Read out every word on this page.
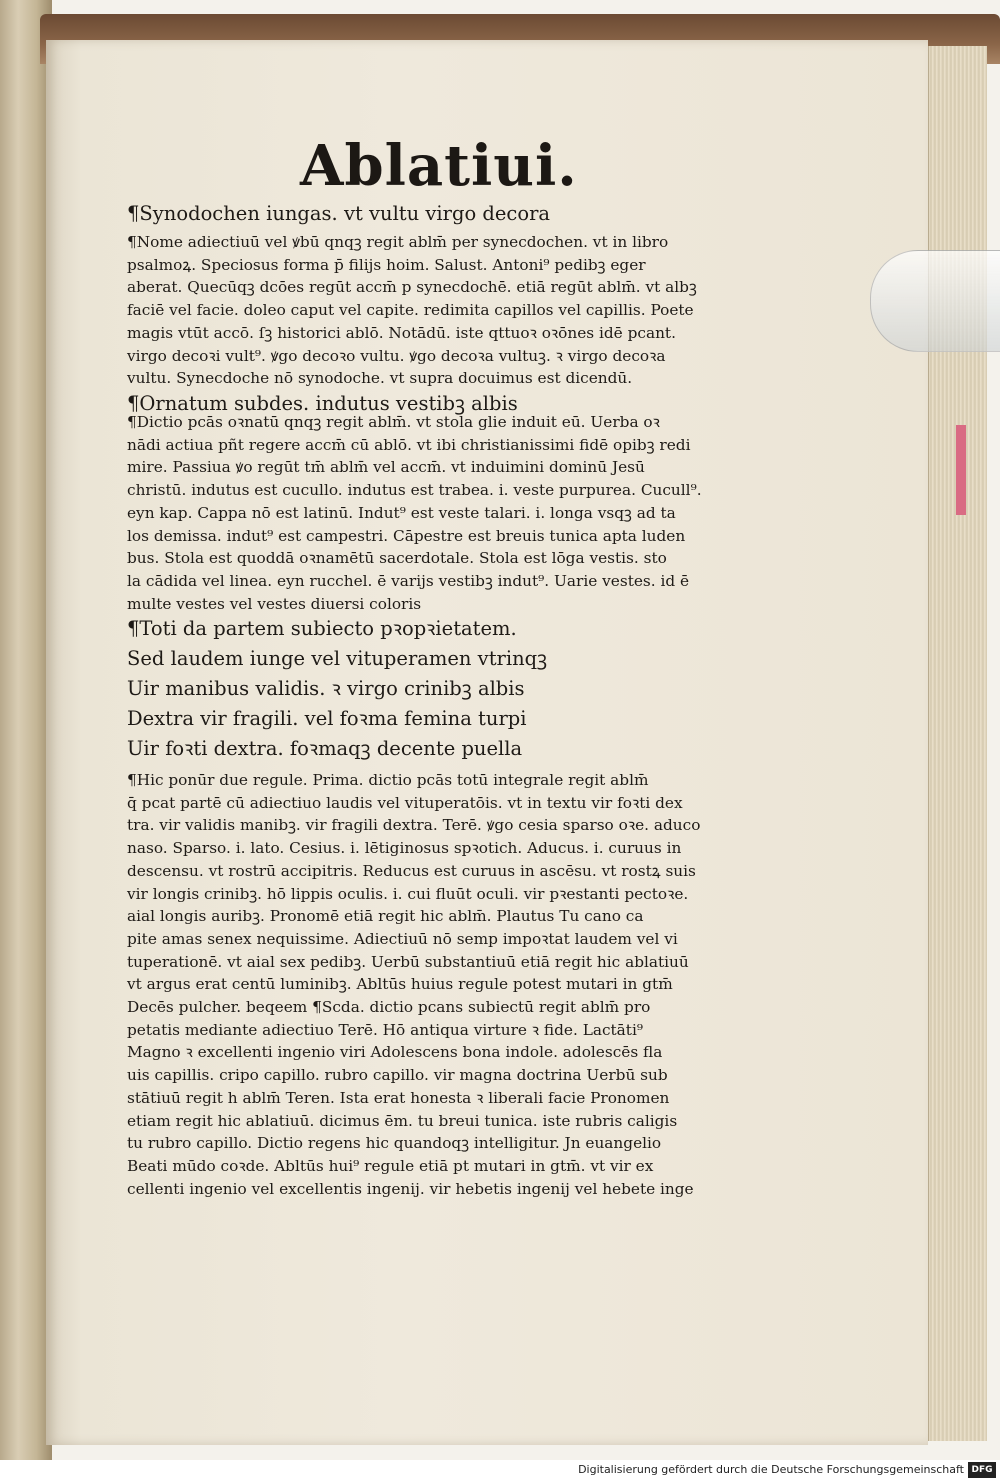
Ablatiui.
¶Synodochen iungas. vt vultu virgo decora
¶Nome adiectiuū vel ꝟbū qnqꝫ regit ablm̄ per synecdochen. vt in libro
psalmoꝝ. Speciosus forma p̄ filijs hoim. Salust. Antoni⁹ pedibꝫ eger
aberat. Quecūqꝫ dcōes regūt accm̄ p synecdochē. etiā regūt ablm̄. vt albꝫ
faciē vel facie. doleo caput vel capite. redimita capillos vel capillis. Poete
magis vtūt accō. ſꝫ historici ablō. Notādū. iste qttuoꝛ oꝛōnes idē pcant.
virgo decoꝛi vult⁹. ꝟgo decoꝛo vultu. ꝟgo decoꝛa vultuꝫ. ꝛ virgo decoꝛa
vultu. Synecdoche nō synodoche. vt supra docuimus est dicendū.
¶Ornatum subdes. indutus vestibꝫ albis
¶Dictio pcās oꝛnatū qnqꝫ regit ablm̄. vt stola glie induit eū. Uerba oꝛ
nādi actiua pñt regere accm̄ cū ablō. vt ibi christianissimi fidē opibꝫ redi
mire. Passiua ꝟo regūt tm̄ ablm̄ vel accm̄. vt induimini dominū Jesū
christū. indutus est cucullo. indutus est trabea. i. veste purpurea. Cucull⁹.
eyn kap. Cappa nō est latinū. Indut⁹ est veste talari. i. longa vsqꝫ ad ta
los demissa. indut⁹ est campestri. Cāpestre est breuis tunica apta luden
bus. Stola est quoddā oꝛnamētū sacerdotale. Stola est lōga vestis. sto
la cādida vel linea. eyn rucchel. ē varijs vestibꝫ indut⁹. Uarie vestes. id ē
multe vestes vel vestes diuersi coloris
¶Toti da partem subiecto pꝛopꝛietatem.
Sed laudem iunge vel vituperamen vtrinqꝫ
Uir manibus validis. ꝛ virgo crinibꝫ albis
Dextra vir fragili. vel foꝛma femina turpi
Uir foꝛti dextra. foꝛmaqꝫ decente puella
¶Hic ponūr due regule. Prima. dictio pcās totū integrale regit ablm̄
q̄ pcat partē cū adiectiuo laudis vel vituperatōis. vt in textu vir foꝛti dex
tra. vir validis manibꝫ. vir fragili dextra. Terē. ꝟgo cesia sparso oꝛe. aduco
naso. Sparso. i. lato. Cesius. i. lētiginosus spꝛotich. Aducus. i. curuus in
descensu. vt rostrū accipitris. Reducus est curuus in ascēsu. vt rostꝝ suis
vir longis crinibꝫ. hō lippis oculis. i. cui fluūt oculi. vir pꝛestanti pectoꝛe.
aial longis auribꝫ. Pronomē etiā regit hic ablm̄. Plautus Tu cano ca
pite amas senex nequissime. Adiectiuū nō semp impoꝛtat laudem vel vi
tuperationē. vt aial sex pedibꝫ. Uerbū substantiuū etiā regit hic ablatiuū
vt argus erat centū luminibꝫ. Abltūs huius regule potest mutari in gtm̄
Decēs pulcher. beqeem ¶Scda. dictio pcans subiectū regit ablm̄ pro
petatis mediante adiectiuo Terē. Hō antiqua virture ꝛ fide. Lactāti⁹
Magno ꝛ excellenti ingenio viri Adolescens bona indole. adolescēs fla
uis capillis. cripo capillo. rubro capillo. vir magna doctrina Uerbū sub
stātiuū regit h ablm̄ Teren. Ista erat honesta ꝛ liberali facie Pronomen
etiam regit hic ablatiuū. dicimus ēm. tu breui tunica. iste rubris caligis
tu rubro capillo. Dictio regens hic quandoqꝫ intelligitur. Jn euangelio
Beati mūdo coꝛde. Abltūs hui⁹ regule etiā pt mutari in gtm̄. vt vir ex
cellenti ingenio vel excellentis ingenij. vir hebetis ingenij vel hebete inge
Digitalisierung gefördert durch die Deutsche Forschungsgemeinschaft DFG
